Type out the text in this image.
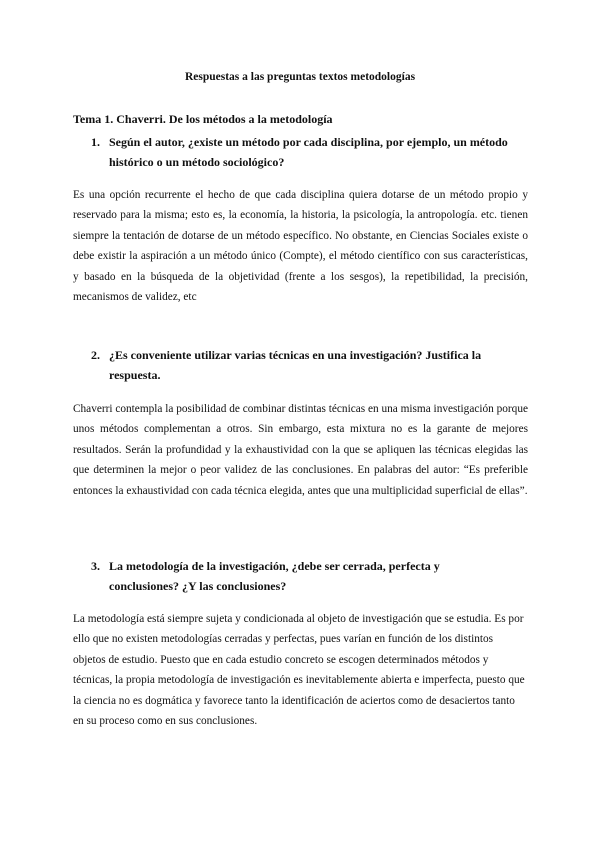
Respuestas a las preguntas textos metodologías
Tema 1. Chaverri. De los métodos a la metodología
1. Según el autor, ¿existe un método por cada disciplina, por ejemplo, un método histórico o un método sociológico?

Es una opción recurrente el hecho de que cada disciplina quiera dotarse de un método propio y reservado para la misma; esto es, la economía, la historia, la psicología, la antropología. etc. tienen siempre la tentación de dotarse de un método específico. No obstante, en Ciencias Sociales existe o debe existir la aspiración a un método único (Compte), el método científico con sus características, y basado en la búsqueda de la objetividad (frente a los sesgos), la repetibilidad, la precisión, mecanismos de validez, etc

2. ¿Es conveniente utilizar varias técnicas en una investigación? Justifica la respuesta.

Chaverri contempla la posibilidad de combinar distintas técnicas en una misma investigación porque unos métodos complementan a otros. Sin embargo, esta mixtura no es la garante de mejores resultados. Serán la profundidad y la exhaustividad con la que se apliquen las técnicas elegidas las que determinen la mejor o peor validez de las conclusiones. En palabras del autor: “Es preferible entonces la exhaustividad con cada técnica elegida, antes que una multiplicidad superficial de ellas”.

3. La metodología de la investigación, ¿debe ser cerrada, perfecta y conclusiones? ¿Y las conclusiones?

La metodología está siempre sujeta y condicionada al objeto de investigación que se estudia. Es por ello que no existen metodologías cerradas y perfectas, pues varían en función de los distintos objetos de estudio. Puesto que en cada estudio concreto se escogen determinados métodos y técnicas, la propia metodología de investigación es inevitablemente abierta e imperfecta, puesto que la ciencia no es dogmática y favorece tanto la identificación de aciertos como de desaciertos tanto en su proceso como en sus conclusiones.
